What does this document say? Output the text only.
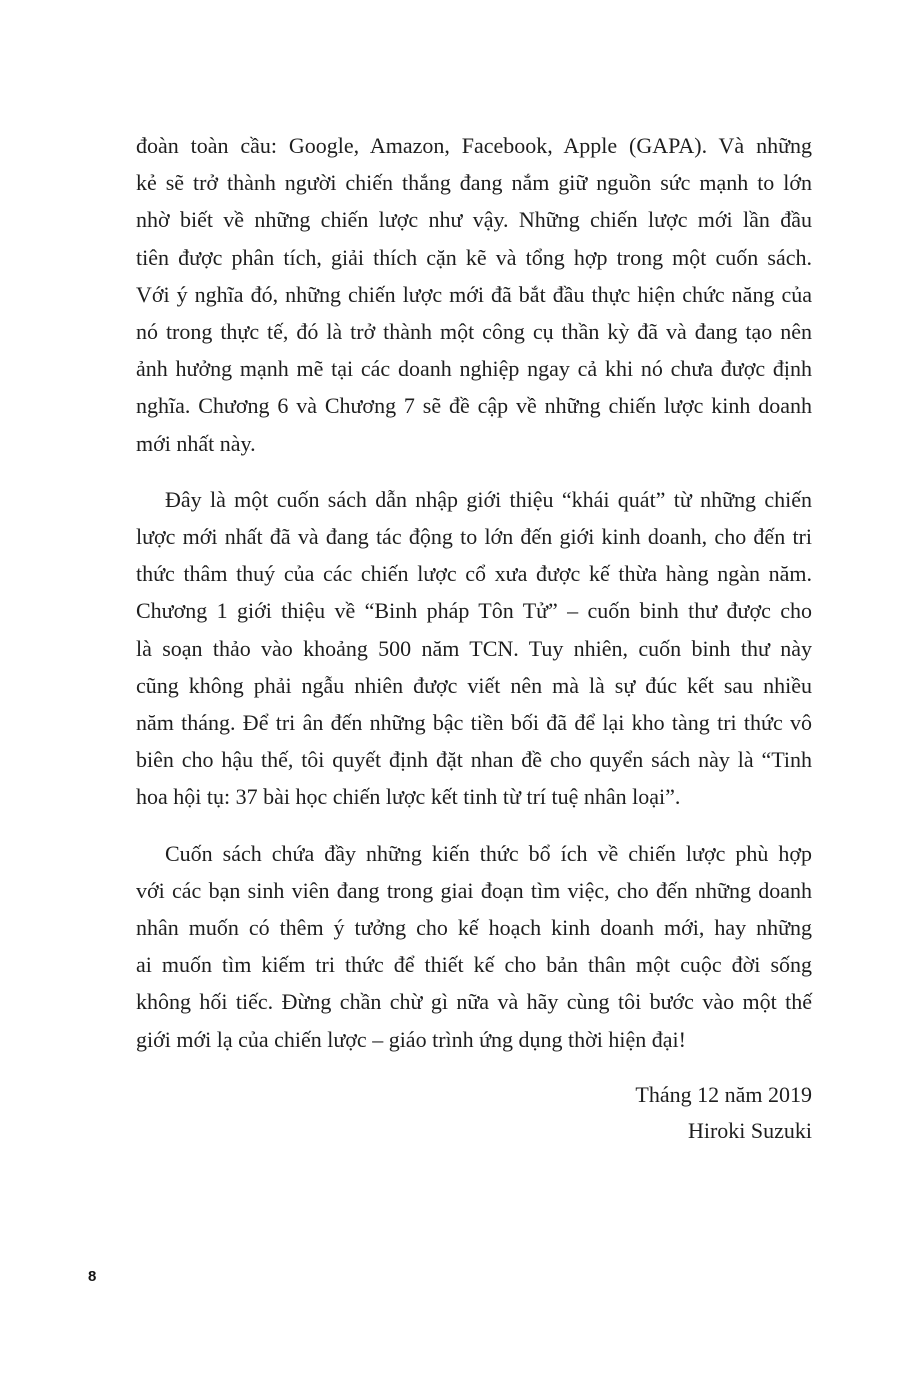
đoàn toàn cầu: Google, Amazon, Facebook, Apple (GAPA). Và những
kẻ sẽ trở thành người chiến thắng đang nắm giữ nguồn sức mạnh to lớn
nhờ biết về những chiến lược như vậy. Những chiến lược mới lần đầu
tiên được phân tích, giải thích cặn kẽ và tổng hợp trong một cuốn sách.
Với ý nghĩa đó, những chiến lược mới đã bắt đầu thực hiện chức năng của
nó trong thực tế, đó là trở thành một công cụ thần kỳ đã và đang tạo nên
ảnh hưởng mạnh mẽ tại các doanh nghiệp ngay cả khi nó chưa được định
nghĩa. Chương 6 và Chương 7 sẽ đề cập về những chiến lược kinh doanh
mới nhất này.
Đây là một cuốn sách dẫn nhập giới thiệu “khái quát” từ những chiến
lược mới nhất đã và đang tác động to lớn đến giới kinh doanh, cho đến tri
thức thâm thuý của các chiến lược cổ xưa được kế thừa hàng ngàn năm.
Chương 1 giới thiệu về “Binh pháp Tôn Tử” – cuốn binh thư được cho
là soạn thảo vào khoảng 500 năm TCN. Tuy nhiên, cuốn binh thư này
cũng không phải ngẫu nhiên được viết nên mà là sự đúc kết sau nhiều
năm tháng. Để tri ân đến những bậc tiền bối đã để lại kho tàng tri thức vô
biên cho hậu thế, tôi quyết định đặt nhan đề cho quyển sách này là “Tinh
hoa hội tụ: 37 bài học chiến lược kết tinh từ trí tuệ nhân loại”.
Cuốn sách chứa đầy những kiến thức bổ ích về chiến lược phù hợp
với các bạn sinh viên đang trong giai đoạn tìm việc, cho đến những doanh
nhân muốn có thêm ý tưởng cho kế hoạch kinh doanh mới, hay những
ai muốn tìm kiếm tri thức để thiết kế cho bản thân một cuộc đời sống
không hối tiếc. Đừng chần chừ gì nữa và hãy cùng tôi bước vào một thế
giới mới lạ của chiến lược – giáo trình ứng dụng thời hiện đại!
Tháng 12 năm 2019
Hiroki Suzuki
8
